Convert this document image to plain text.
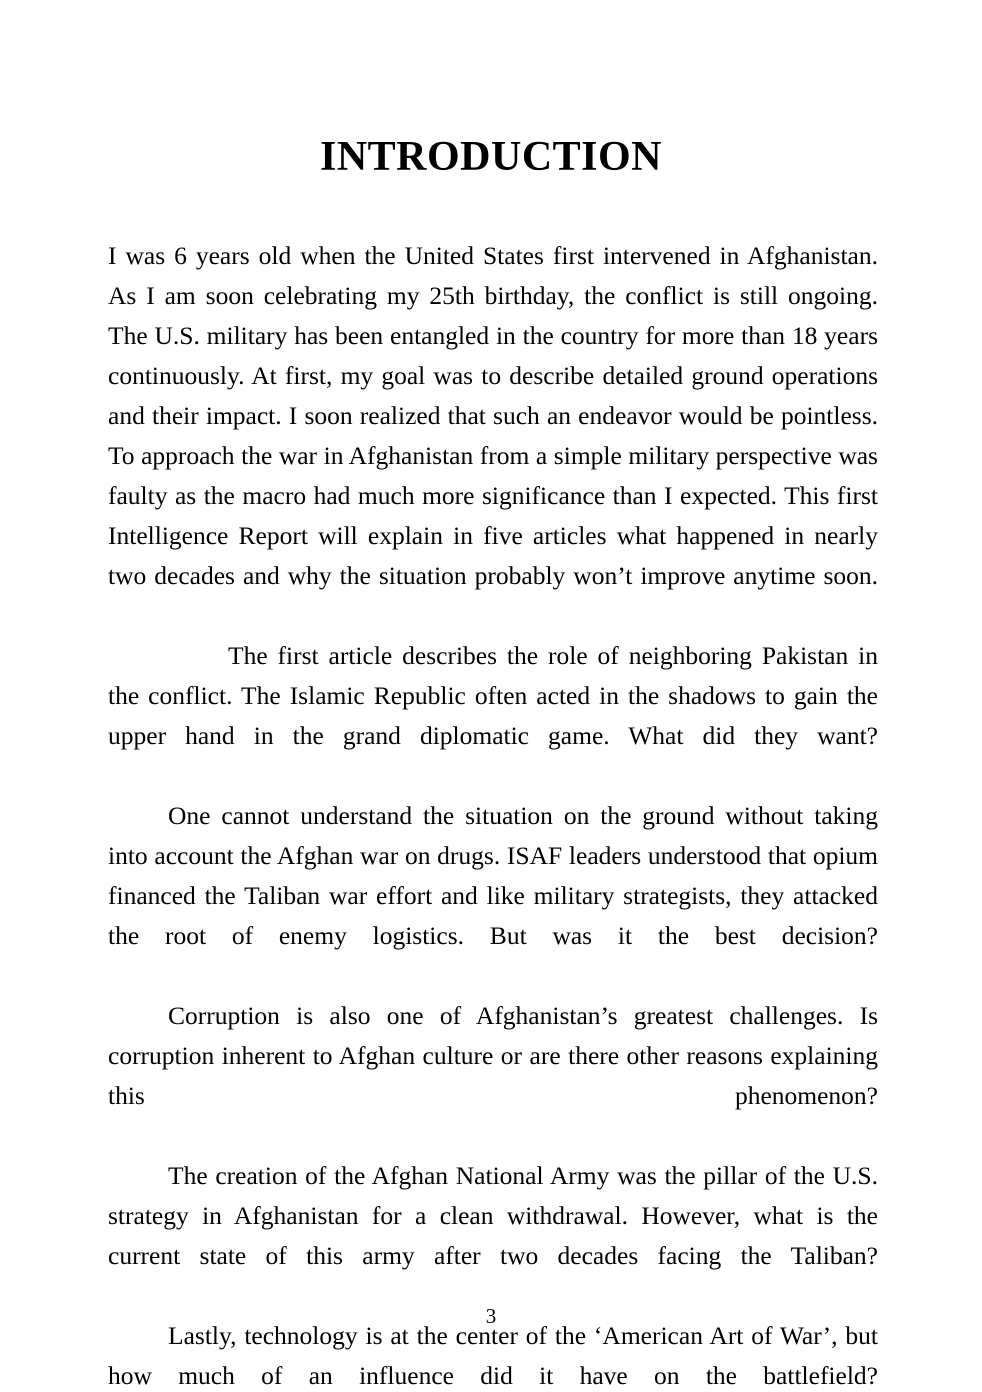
INTRODUCTION

I was 6 years old when the United States first intervened in Afghanistan. As I am soon celebrating my 25th birthday, the conflict is still ongoing. The U.S. military has been entangled in the country for more than 18 years continuously. At first, my goal was to describe detailed ground operations and their impact. I soon realized that such an endeavor would be pointless. To approach the war in Afghanistan from a simple military perspective was faulty as the macro had much more significance than I expected. This first Intelligence Report will explain in five articles what happened in nearly two decades and why the situation probably won’t improve anytime soon.

The first article describes the role of neighboring Pakistan in the conflict. The Islamic Republic often acted in the shadows to gain the upper hand in the grand diplomatic game. What did they want?

One cannot understand the situation on the ground without taking into account the Afghan war on drugs. ISAF leaders understood that opium financed the Taliban war effort and like military strategists, they attacked the root of enemy logistics. But was it the best decision?

Corruption is also one of Afghanistan’s greatest challenges. Is corruption inherent to Afghan culture or are there other reasons explaining this phenomenon?

The creation of the Afghan National Army was the pillar of the U.S. strategy in Afghanistan for a clean withdrawal. However, what is the current state of this army after two decades facing the Taliban?

Lastly, technology is at the center of the ‘American Art of War’, but how much of an influence did it have on the battlefield?

3
